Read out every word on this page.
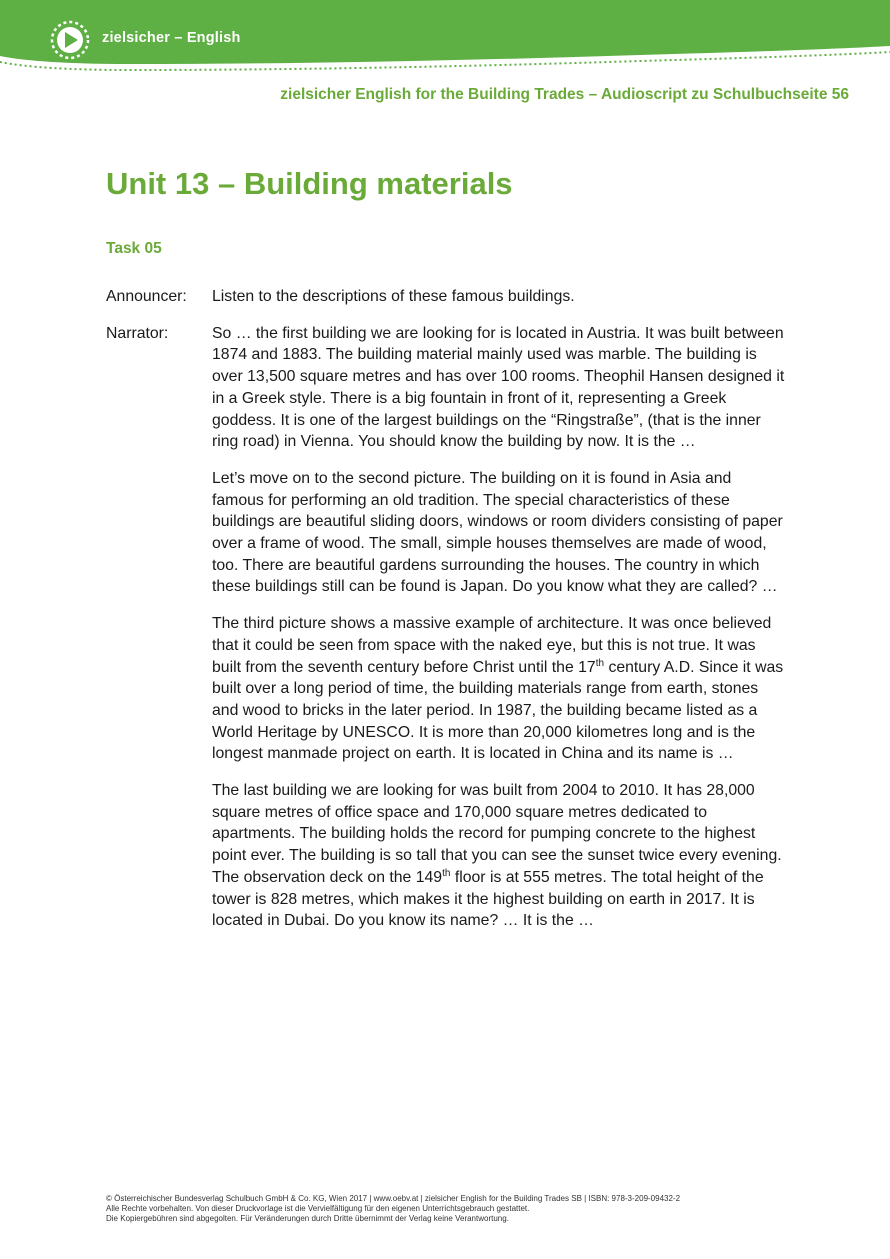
zielsicher – English
zielsicher English for the Building Trades – Audioscript zu Schulbuchseite 56
Unit 13 – Building materials
Task 05
Announcer:	Listen to the descriptions of these famous buildings.

Narrator:	So … the first building we are looking for is located in Austria. It was built between 1874 and 1883. The building material mainly used was marble. The building is over 13,500 square metres and has over 100 rooms. Theophil Hansen designed it in a Greek style. There is a big fountain in front of it, representing a Greek goddess. It is one of the largest buildings on the “Ringstraße”, (that is the inner ring road) in Vienna. You should know the building by now. It is the …

Let’s move on to the second picture. The building on it is found in Asia and famous for performing an old tradition. The special characteristics of these buildings are beautiful sliding doors, windows or room dividers consisting of paper over a frame of wood. The small, simple houses themselves are made of wood, too. There are beautiful gardens surrounding the houses. The country in which these buildings still can be found is Japan. Do you know what they are called? …

The third picture shows a massive example of architecture. It was once believed that it could be seen from space with the naked eye, but this is not true. It was built from the seventh century before Christ until the 17th century A.D. Since it was built over a long period of time, the building materials range from earth, stones and wood to bricks in the later period. In 1987, the building became listed as a World Heritage by UNESCO. It is more than 20,000 kilometres long and is the longest manmade project on earth. It is located in China and its name is …

The last building we are looking for was built from 2004 to 2010. It has 28,000 square metres of office space and 170,000 square metres dedicated to apartments. The building holds the record for pumping concrete to the highest point ever. The building is so tall that you can see the sunset twice every evening. The observation deck on the 149th floor is at 555 metres. The total height of the tower is 828 metres, which makes it the highest building on earth in 2017. It is located in Dubai. Do you know its name? … It is the …

© Österreichischer Bundesverlag Schulbuch GmbH & Co. KG, Wien 2017 | www.oebv.at | zielsicher English for the Building Trades SB | ISBN: 978-3-209-09432-2
Alle Rechte vorbehalten. Von dieser Druckvorlage ist die Vervielfältigung für den eigenen Unterrichtsgebrauch gestattet.
Die Kopiergebühren sind abgegolten. Für Veränderungen durch Dritte übernimmt der Verlag keine Verantwortung.
